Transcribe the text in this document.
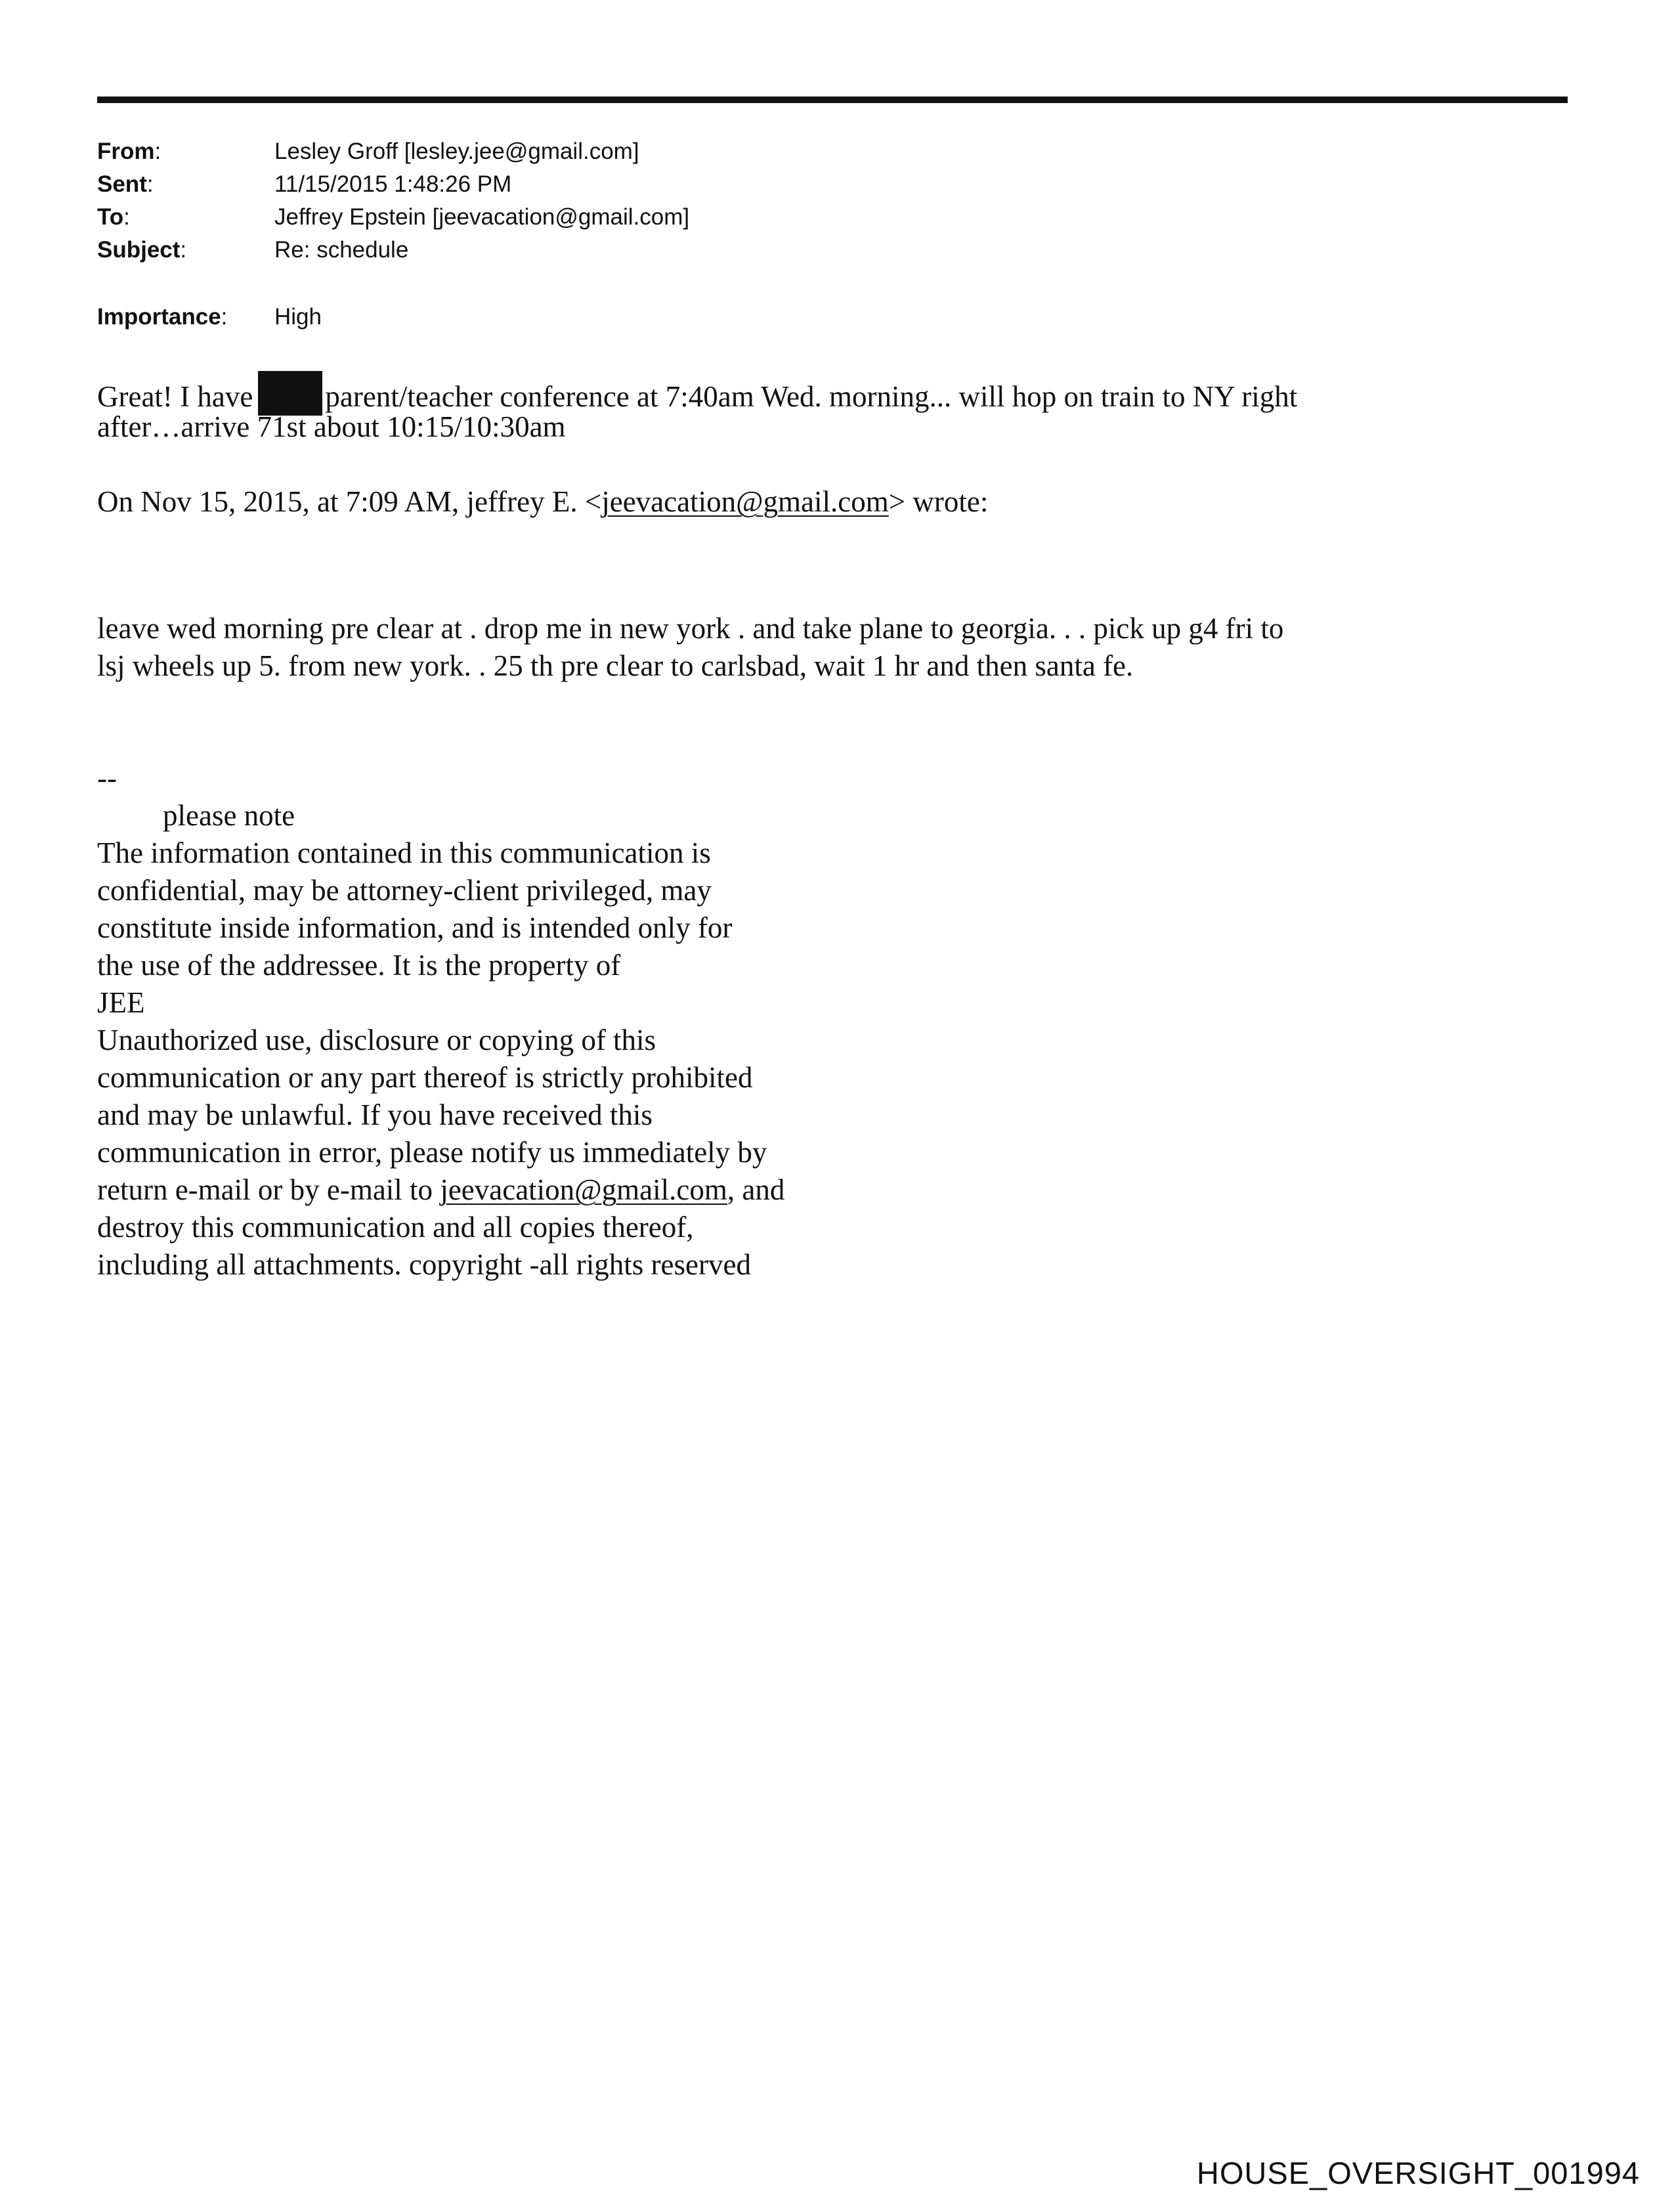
From:	Lesley Groff [lesley.jee@gmail.com]
Sent:	11/15/2015 1:48:26 PM
To:	Jeffrey Epstein [jeevacation@gmail.com]
Subject:	Re: schedule
Importance: High
Great! I have parent/teacher conference at 7:40am Wed. morning... will hop on train to NY right
after…arrive 71st about 10:15/10:30am
On Nov 15, 2015, at 7:09 AM, jeffrey E. <jeevacation@gmail.com> wrote:
leave wed morning pre clear at . drop me in new york . and take plane to georgia. . . pick up g4 fri to
lsj wheels up 5. from new york. . 25 th pre clear to carlsbad, wait 1 hr and then santa fe.
--
please note
The information contained in this communication is
confidential, may be attorney-client privileged, may
constitute inside information, and is intended only for
the use of the addressee. It is the property of
JEE
Unauthorized use, disclosure or copying of this
communication or any part thereof is strictly prohibited
and may be unlawful. If you have received this
communication in error, please notify us immediately by
return e-mail or by e-mail to jeevacation@gmail.com, and
destroy this communication and all copies thereof,
including all attachments. copyright -all rights reserved
HOUSE_OVERSIGHT_001994
